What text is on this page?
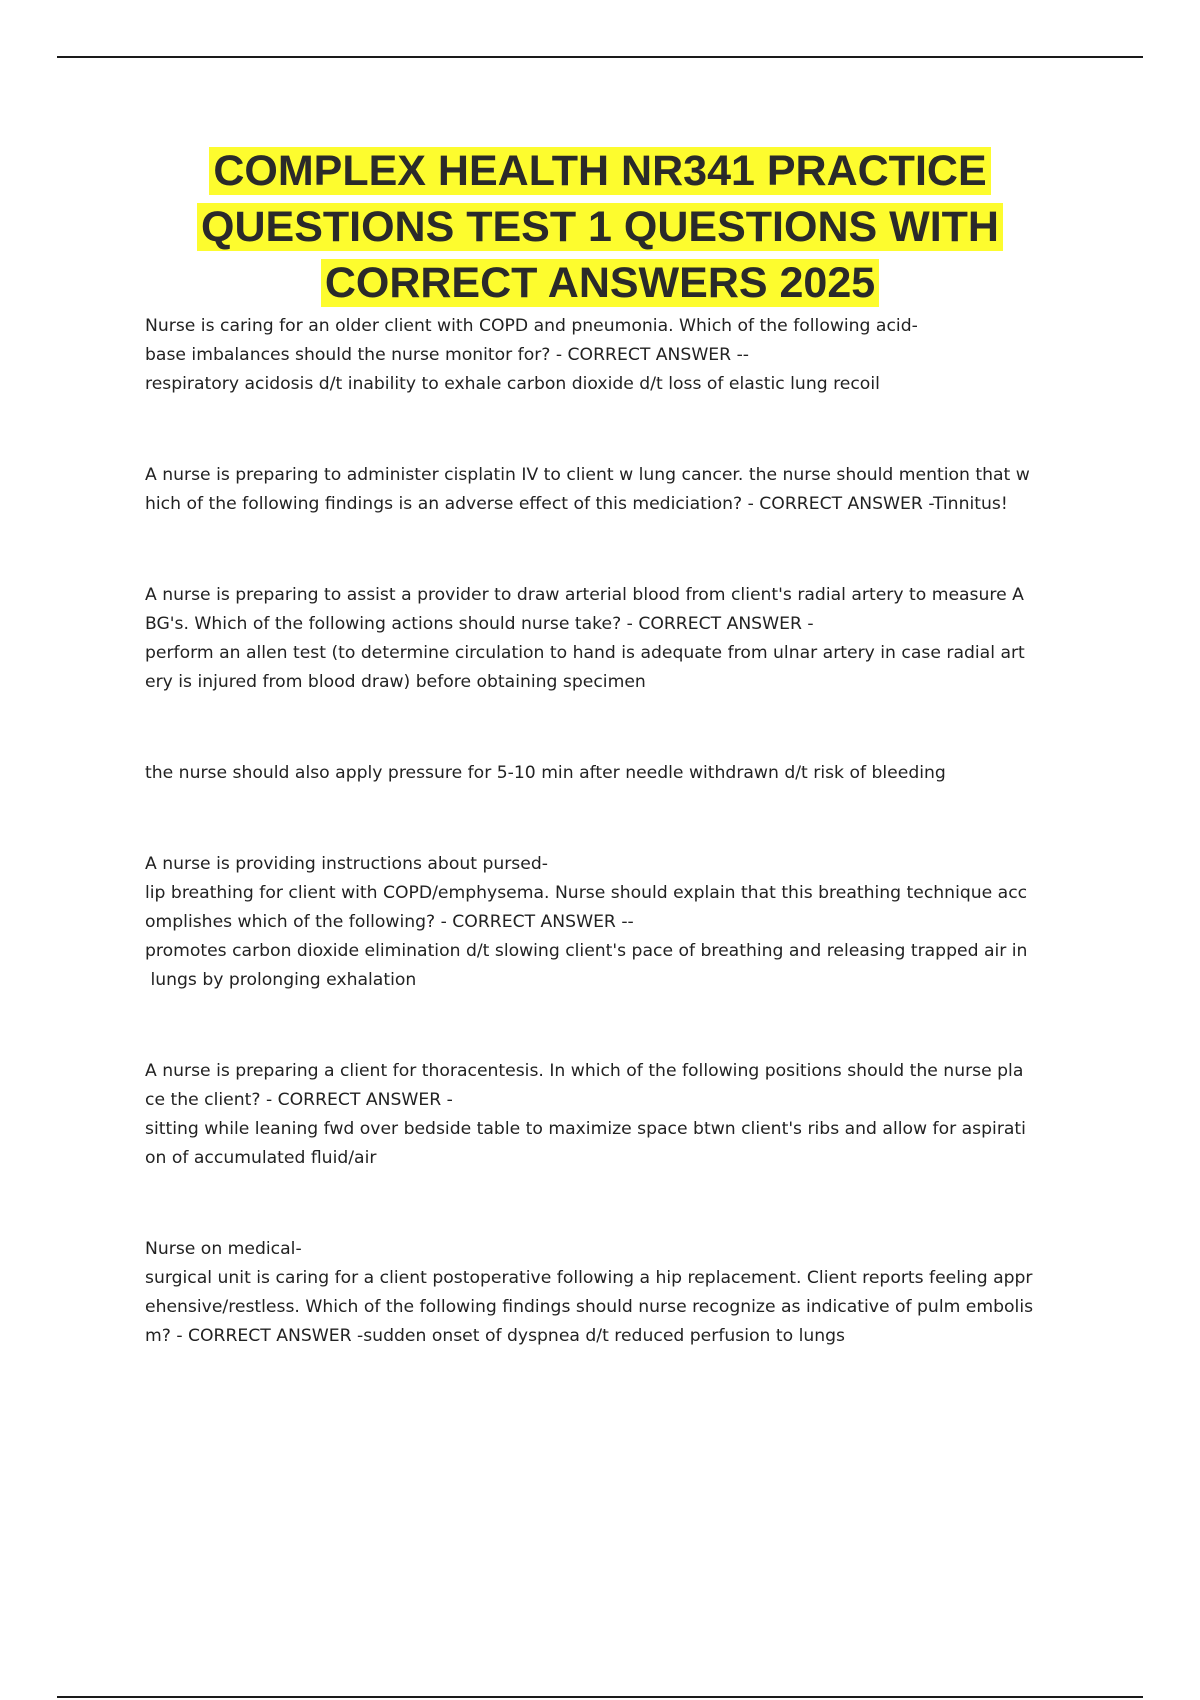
COMPLEX HEALTH NR341 PRACTICE
QUESTIONS TEST 1 QUESTIONS WITH
CORRECT ANSWERS 2025

Nurse is caring for an older client with COPD and pneumonia. Which of the following acid-

base imbalances should the nurse monitor for? - CORRECT ANSWER --

respiratory acidosis d/t inability to exhale carbon dioxide d/t loss of elastic lung recoil

A nurse is preparing to administer cisplatin IV to client w lung cancer. the nurse should mention that w

hich of the following findings is an adverse effect of this mediciation? - CORRECT ANSWER -Tinnitus!

A nurse is preparing to assist a provider to draw arterial blood from client's radial artery to measure A

BG's. Which of the following actions should nurse take? - CORRECT ANSWER -

perform an allen test (to determine circulation to hand is adequate from ulnar artery in case radial art

ery is injured from blood draw) before obtaining specimen

the nurse should also apply pressure for 5-10 min after needle withdrawn d/t risk of bleeding

A nurse is providing instructions about pursed-

lip breathing for client with COPD/emphysema. Nurse should explain that this breathing technique acc

omplishes which of the following? - CORRECT ANSWER --

promotes carbon dioxide elimination d/t slowing client's pace of breathing and releasing trapped air in

lungs by prolonging exhalation

A nurse is preparing a client for thoracentesis. In which of the following positions should the nurse pla

ce the client? - CORRECT ANSWER -

sitting while leaning fwd over bedside table to maximize space btwn client's ribs and allow for aspirati

on of accumulated fluid/air

Nurse on medical-

surgical unit is caring for a client postoperative following a hip replacement. Client reports feeling appr

ehensive/restless. Which of the following findings should nurse recognize as indicative of pulm embolis

m? - CORRECT ANSWER -sudden onset of dyspnea d/t reduced perfusion to lungs
